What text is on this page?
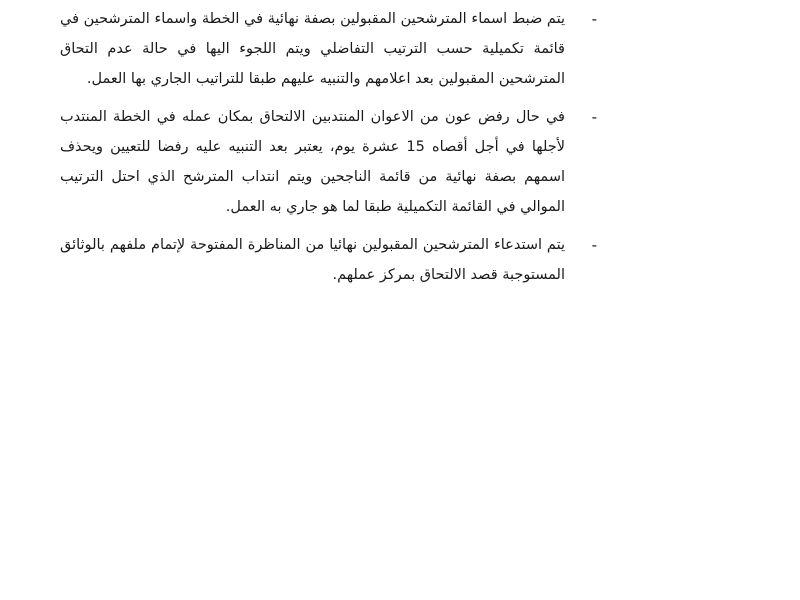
-
يتم ضبط اسماء المترشحين المقبولين بصفة نهائية في الخطة واسماء المترشحين في قائمة تكميلية حسب الترتيب التفاضلي ويتم اللجوء اليها في حالة عدم التحاق المترشحين المقبولين بعد اعلامهم والتنبيه عليهم طبقا للتراتيب الجاري بها العمل.
-
في حال رفض عون من الاعوان المنتدبين الالتحاق بمكان عمله في الخطة المنتدب لأجلها في أجل أقصاه 15 عشرة يوم، يعتبر بعد التنبيه عليه رفضا للتعيين ويحذف اسمهم بصفة نهائية من قائمة الناجحين ويتم انتداب المترشح الذي احتل الترتيب الموالي في القائمة التكميلية طبقا لما هو جاري به العمل.
-
يتم استدعاء المترشحين المقبولين نهائيا من المناظرة المفتوحة لإتمام ملفهم بالوثائق المستوجبة قصد الالتحاق بمركز عملهم.
